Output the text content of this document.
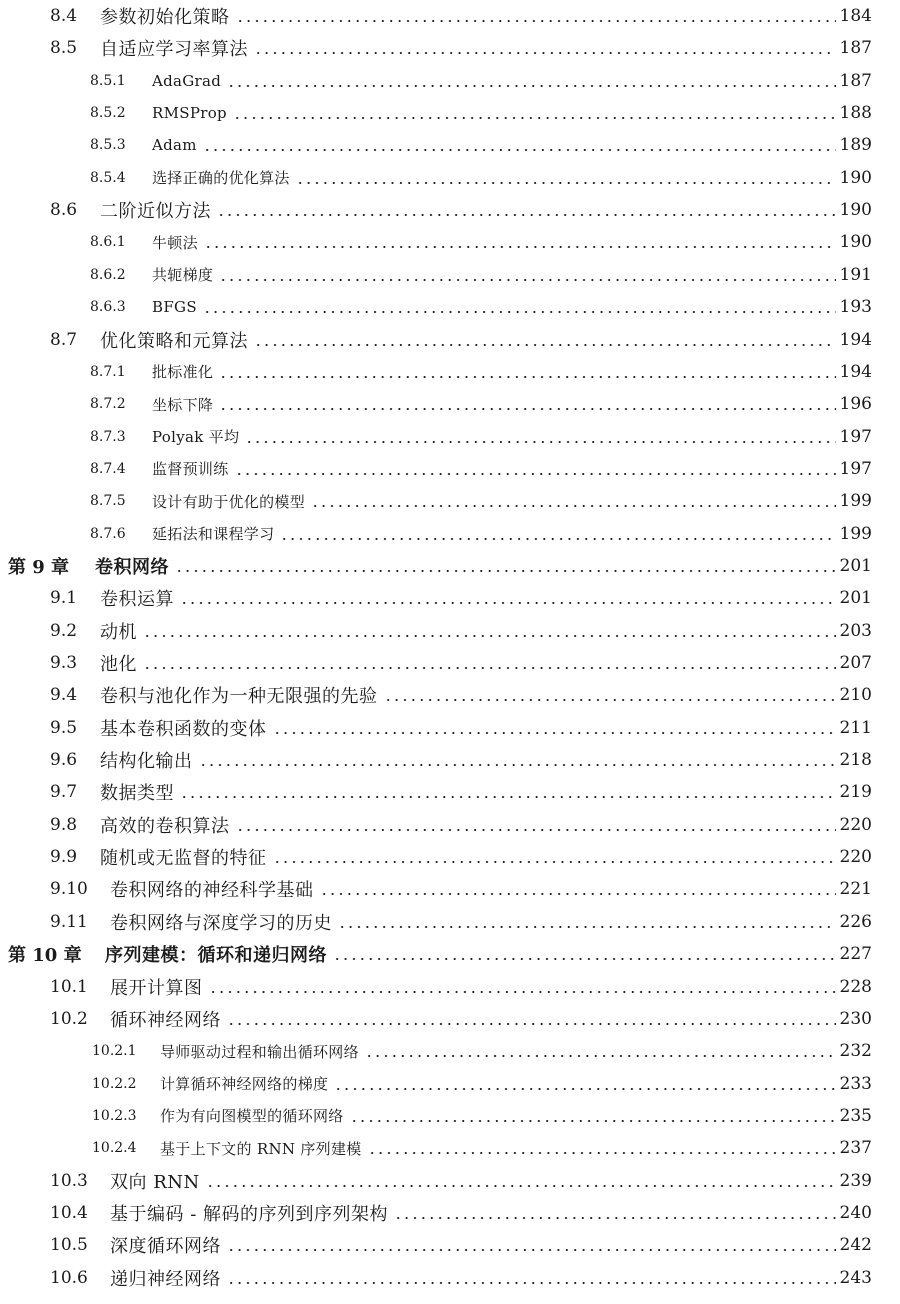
8.4	参数初始化策略	184
8.5	自适应学习率算法	187
8.5.1	AdaGrad	187
8.5.2	RMSProp	188
8.5.3	Adam	189
8.5.4	选择正确的优化算法	190
8.6	二阶近似方法	190
8.6.1	牛顿法	190
8.6.2	共轭梯度	191
8.6.3	BFGS	193
8.7	优化策略和元算法	194
8.7.1	批标准化	194
8.7.2	坐标下降	196
8.7.3	Polyak 平均	197
8.7.4	监督预训练	197
8.7.5	设计有助于优化的模型	199
8.7.6	延拓法和课程学习	199
第 9 章	卷积网络	201
9.1	卷积运算	201
9.2	动机	203
9.3	池化	207
9.4	卷积与池化作为一种无限强的先验	210
9.5	基本卷积函数的变体	211
9.6	结构化输出	218
9.7	数据类型	219
9.8	高效的卷积算法	220
9.9	随机或无监督的特征	220
9.10	卷积网络的神经科学基础	221
9.11	卷积网络与深度学习的历史	226
第 10 章	序列建模：循环和递归网络	227
10.1	展开计算图	228
10.2	循环神经网络	230
10.2.1	导师驱动过程和输出循环网络	232
10.2.2	计算循环神经网络的梯度	233
10.2.3	作为有向图模型的循环网络	235
10.2.4	基于上下文的 RNN 序列建模	237
10.3	双向 RNN	239
10.4	基于编码 - 解码的序列到序列架构	240
10.5	深度循环网络	242
10.6	递归神经网络	243
